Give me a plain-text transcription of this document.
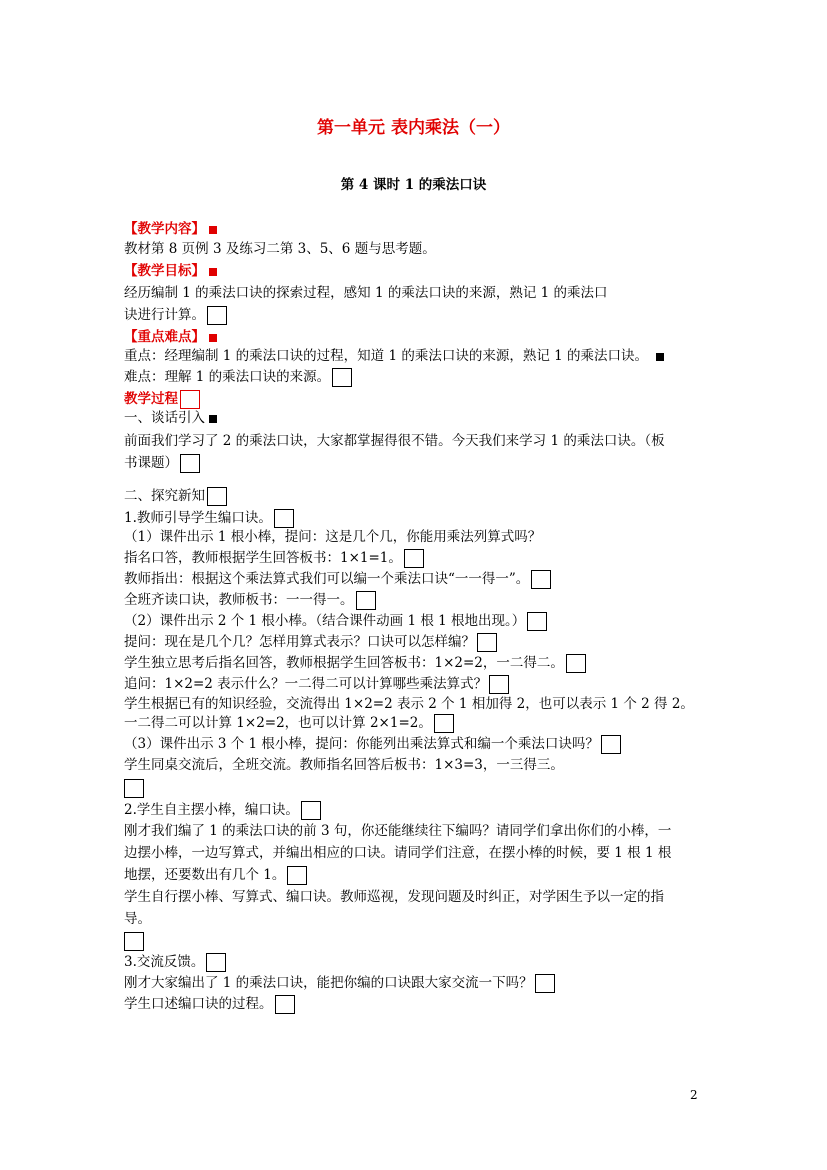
第一单元 表内乘法（一）
第 4 课时 1 的乘法口诀
【教学内容】
教材第 8 页例 3 及练习二第 3、5、6 题与思考题。
【教学目标】
经历编制 1 的乘法口诀的探索过程，感知 1 的乘法口诀的来源，熟记 1 的乘法口
诀进行计算。
【重点难点】
重点：经理编制 1 的乘法口诀的过程，知道 1 的乘法口诀的来源，熟记 1 的乘法口诀。
难点：理解 1 的乘法口诀的来源。
教学过程
一、谈话引入
前面我们学习了 2 的乘法口诀，大家都掌握得很不错。今天我们来学习 1 的乘法口诀。（板
书课题）
二、探究新知
1.教师引导学生编口诀。
（1）课件出示 1 根小棒，提问：这是几个几，你能用乘法列算式吗？
指名口答，教师根据学生回答板书：1×1=1。
教师指出：根据这个乘法算式我们可以编一个乘法口诀“一一得一”。
全班齐读口诀，教师板书：一一得一。
（2）课件出示 2 个 1 根小棒。（结合课件动画 1 根 1 根地出现。）
提问：现在是几个几？怎样用算式表示？口诀可以怎样编？
学生独立思考后指名回答，教师根据学生回答板书：1×2=2，一二得二。
追问：1×2=2 表示什么？一二得二可以计算哪些乘法算式？
学生根据已有的知识经验，交流得出 1×2=2 表示 2 个 1 相加得 2，也可以表示 1 个 2 得 2。
一二得二可以计算 1×2=2，也可以计算 2×1=2。
（3）课件出示 3 个 1 根小棒，提问：你能列出乘法算式和编一个乘法口诀吗？
学生同桌交流后，全班交流。教师指名回答后板书：1×3=3，一三得三。
2.学生自主摆小棒，编口诀。
刚才我们编了 1 的乘法口诀的前 3 句，你还能继续往下编吗？请同学们拿出你们的小棒，一
边摆小棒，一边写算式，并编出相应的口诀。请同学们注意，在摆小棒的时候，要 1 根 1 根
地摆，还要数出有几个 1。
学生自行摆小棒、写算式、编口诀。教师巡视，发现问题及时纠正，对学困生予以一定的指
导。
3.交流反馈。
刚才大家编出了 1 的乘法口诀，能把你编的口诀跟大家交流一下吗？
学生口述编口诀的过程。
2
